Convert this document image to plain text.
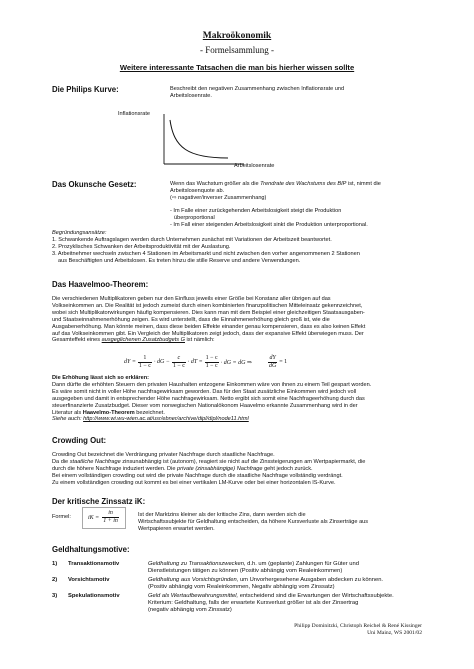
Makroökonomik
- Formelsammlung -
Weitere interessante Tatsachen die man bis hierher wissen sollte
Die Philips Kurve:	Beschreibt den negativen Zusammenhang zwischen Inflationsrate und

Arbeitslosenrate.

Inflationsrate
Arbeitslosenrate
Das Okunsche Gesetz:	Wenn das Wachstum größer als die Trendrate des Wachstums des BIP ist, nimmt die

Arbeitslosenquote ab.

(⇨ nagativer/inverser Zusammenhang)

- Im Falle einer zurückgehenden Arbeitslosigkeit steigt die Produktion

überproportional

- Im Fall einer steigenden Arbeitslosigkeit sinkt die Produktion unterproportional.

Begründungsansätze:

1. Schwankende Auftragslagen werden durch Unternehmen zunächst mit Variationen der Arbeitszeit beantwortet.

2. Prozyklisches Schwanken der Arbeitsproduktivität mit der Auslastung.

3. Arbeitnehmer wechseln zwischen 4 Stationen im Arbeitsmarkt und nicht zwischen den vorher angenommenen 2 Stationen

aus Beschäftigten und Arbeitslosen. Es treten hinzu die stille Reserve und andere Verwendungen.

Das Haavelmoo-Theorem:

Die verschiedenen Multiplikatoren geben nur den Einfluss jeweils einer Größe bei Konstanz aller übrigen auf das

Volkseinkommen an. Die Realität ist jedoch zumeist durch einen kombinierten finanzpolitischen Mitteleinsatz gekennzeichnet,

wobei sich Multiplikatorwirkungen häufig kompensieren. Dies kann man mit dem Beispiel einer gleichzeitigen Staatsausgaben-

und Staatseinnahmenerhöhung zeigen. Es wird unterstellt, dass die Einnahmenerhöhung gleich groß ist, wie die

Ausgabenerhöhung. Man könnte meinen, dass diese beiden Effekte einander genau kompensieren, dass es also keinen Effekt

auf das Volkseinkommen gibt. Ein Vergleich der Multiplikatoren zeigt jedoch, dass der expansive Effekt überwiegen muss. Der

Gesamteffekt eines ausgeglichenen Zusatzbudgets G ist nämlich:

dY = $\frac{1}{1 - c}$ · dG − $\frac{c}{1 - c}$ · dT = $\frac{1 - c}{1 - c}$ · dG = dG ⇒	$\frac{dY}{dG} = 1$

Die Erhöhung lässt sich so erklären:

Dann dürfte die erhöhten Steuern den privaten Haushalten entzogene Einkommen wäre von ihnen zu einem Teil gespart worden.

Es wäre somit nicht in voller Höhe nachfragewirksam geworden. Das für den Staat zusätzliche Einkommen wird jedoch voll

ausgegeben und damit in entsprechender Höhe nachfragewirksam. Netto ergibt sich somit eine Nachfrageerhöhung durch das

steuerfinanzierte Zusatzbudget. Dieser vom norwegischen Nationalökonom Haavelmo erkannte Zusammenhang wird in der

Literatur als Haavelmo-Theorem bezeichnet.

Siehe auch: http://www.wi.wu-wien.ac.at/usr/ebner/archive/dipl/dipl/node11.html

Crowding Out:

Crowding Out bezeichnet die Verdrängung privater Nachfrage durch staatliche Nachfrage.

Da die staatliche Nachfrage zinsunabhängig ist (autonom), reagiert sie nicht auf die Zinssteigerungen am Wertpapiermarkt, die

durch die höhere Nachfrage induziert werden. Die private (zinsabhängige) Nachfrage geht jedoch zurück.

Bei einem vollständigen crowding out wird die private Nachfrage durch die staatliche Nachfrage vollständig verdrängt.

Zu einem vollständigen crowding out kommt es bei einer vertikalen LM-Kurve oder bei einer horizontalen IS-Kurve.

Der kritische Zinssatz iK:
Formel:	iK = $\frac{in}{1 + in}$	Ist der Marktzins kleiner als der kritische Zins, dann werden sich die

Wirtschaftssubjekte für Geldhaltung entscheiden, da höhere Kursverluste als Zinserträge aus

Wertpapieren erwartet werden.

Geldhaltungsmotive:
1)	Transaktionsmotiv	Geldhaltung zu Transaktionszwecken, d.h. um (geplante) Zahlungen für Güter und
Dienstleistungen tätigen zu können (Positiv abhängig vom Realeinkommen)
2)	Vorsichtsmotiv	Geldhaltung aus Vorsichtsgründen, um Unvorhergesehene Ausgaben abdecken zu können.
(Positiv abhängig vom Realeinkommen, Negativ abhängig vom Zinssatz)
3)	Spekulationsmotiv	Geld als Wertaufbewahrungsmittel, entscheidend sind die Erwartungen der Wirtschaftssubjekte.
Kriterium: Geldhaltung, falls der erwartete Kursverlust größer ist als der Zinsertrag
(negativ abhängig vom Zinssatz)
Philipp Dominitzki, Christoph Reichel & René Kissinger
Uni Mainz, WS 2001/02
